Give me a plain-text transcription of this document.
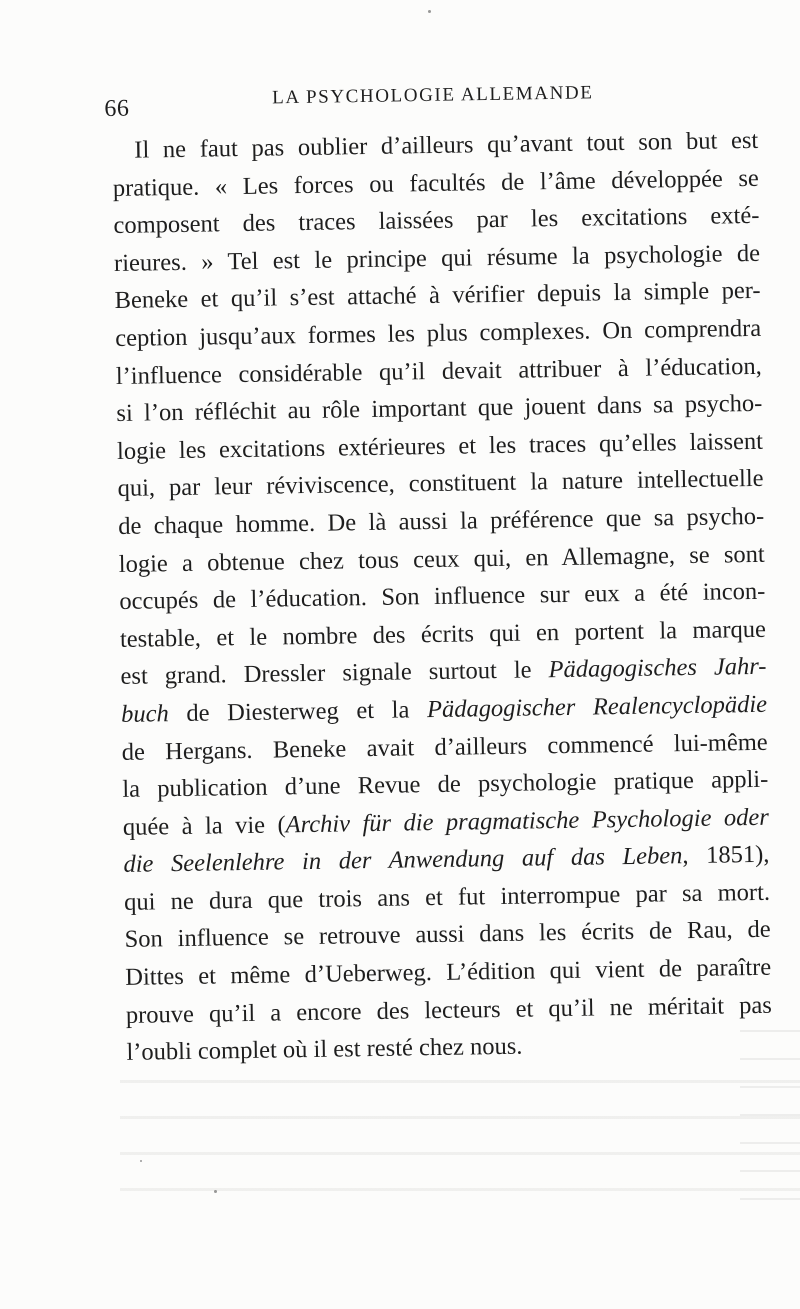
66
LA PSYCHOLOGIE ALLEMANDE
Il ne faut pas oublier d’ailleurs qu’avant tout son but est
pratique. « Les forces ou facultés de l’âme développée se
composent des traces laissées par les excitations exté-
rieures. » Tel est le principe qui résume la psychologie de
Beneke et qu’il s’est attaché à vérifier depuis la simple per-
ception jusqu’aux formes les plus complexes. On comprendra
l’influence considérable qu’il devait attribuer à l’éducation,
si l’on réfléchit au rôle important que jouent dans sa psycho-
logie les excitations extérieures et les traces qu’elles laissent
qui, par leur réviviscence, constituent la nature intellectuelle
de chaque homme. De là aussi la préférence que sa psycho-
logie a obtenue chez tous ceux qui, en Allemagne, se sont
occupés de l’éducation. Son influence sur eux a été incon-
testable, et le nombre des écrits qui en portent la marque
est grand. Dressler signale surtout le Pädagogisches Jahr-
buch de Diesterweg et la Pädagogischer Realencyclopädie
de Hergans. Beneke avait d’ailleurs commencé lui-même
la publication d’une Revue de psychologie pratique appli-
quée à la vie (Archiv für die pragmatische Psychologie oder
die Seelenlehre in der Anwendung auf das Leben, 1851),
qui ne dura que trois ans et fut interrompue par sa mort.
Son influence se retrouve aussi dans les écrits de Rau, de
Dittes et même d’Ueberweg. L’édition qui vient de paraître
prouve qu’il a encore des lecteurs et qu’il ne méritait pas
l’oubli complet où il est resté chez nous.
